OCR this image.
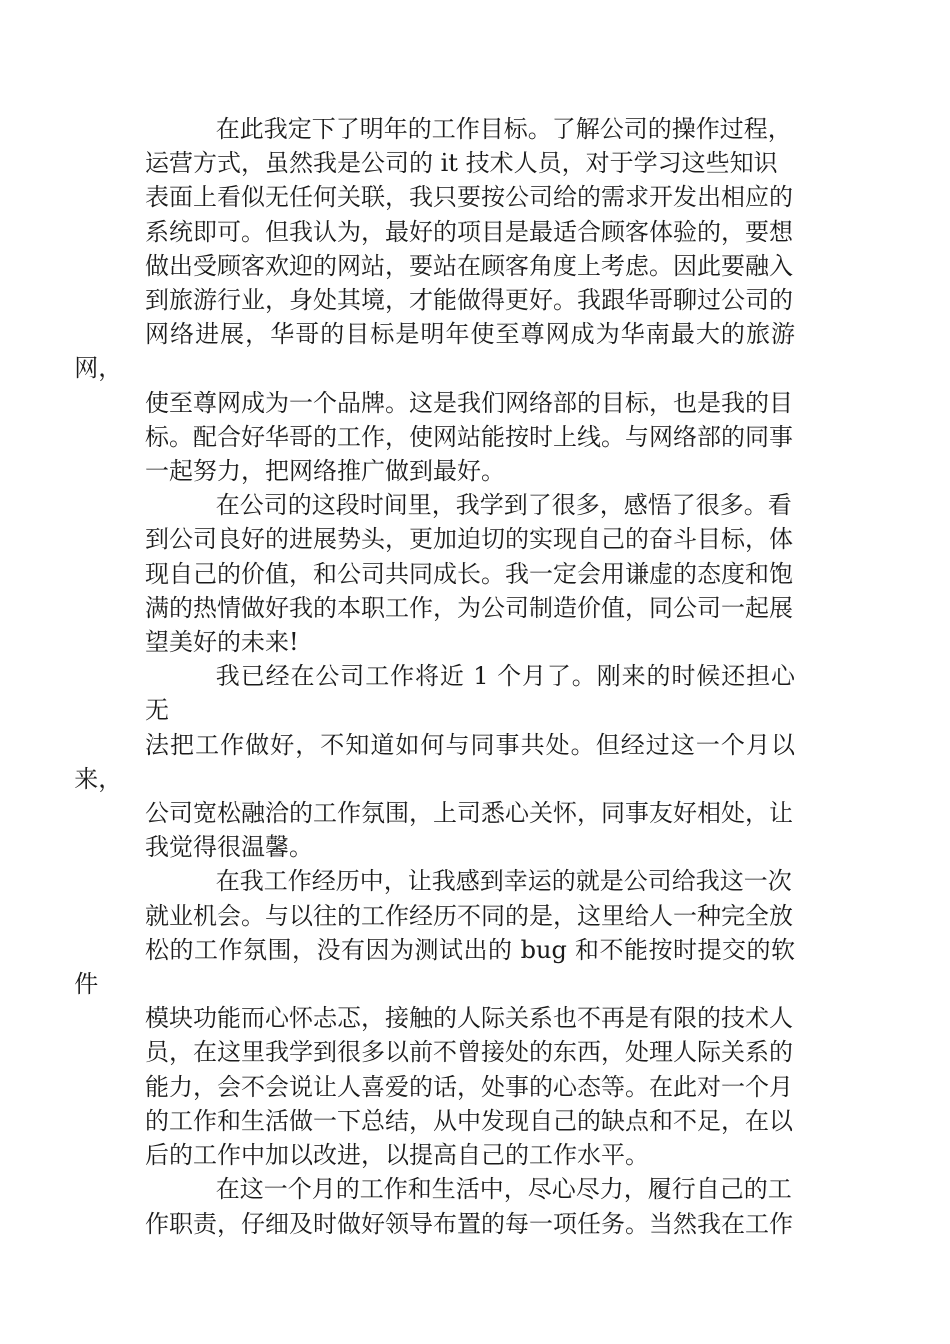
在此我定下了明年的工作目标。了解公司的操作过程，
运营方式，虽然我是公司的 it 技术人员，对于学习这些知识
表面上看似无任何关联，我只要按公司给的需求开发出相应的
系统即可。但我认为，最好的项目是最适合顾客体验的，要想
做出受顾客欢迎的网站，要站在顾客角度上考虑。因此要融入
到旅游行业，身处其境，才能做得更好。我跟华哥聊过公司的
网络进展，华哥的目标是明年使至尊网成为华南最大的旅游网，
使至尊网成为一个品牌。这是我们网络部的目标，也是我的目
标。配合好华哥的工作，使网站能按时上线。与网络部的同事
一起努力，把网络推广做到最好。

在公司的这段时间里，我学到了很多，感悟了很多。看
到公司良好的进展势头，更加迫切的实现自己的奋斗目标，体
现自己的价值，和公司共同成长。我一定会用谦虚的态度和饱
满的热情做好我的本职工作，为公司制造价值，同公司一起展
望美好的未来!

我已经在公司工作将近 1 个月了。刚来的时候还担心无
法把工作做好，不知道如何与同事共处。但经过这一个月以来，
公司宽松融洽的工作氛围，上司悉心关怀，同事友好相处，让
我觉得很温馨。

在我工作经历中，让我感到幸运的就是公司给我这一次
就业机会。与以往的工作经历不同的是，这里给人一种完全放
松的工作氛围，没有因为测试出的 bug 和不能按时提交的软件
模块功能而心怀忐忑，接触的人际关系也不再是有限的技术人
员，在这里我学到很多以前不曾接处的东西，处理人际关系的
能力，会不会说让人喜爱的话，处事的心态等。在此对一个月
的工作和生活做一下总结，从中发现自己的缺点和不足，在以
后的工作中加以改进，以提高自己的工作水平。

在这一个月的工作和生活中，尽心尽力，履行自己的工
作职责，仔细及时做好领导布置的每一项任务。当然我在工作
